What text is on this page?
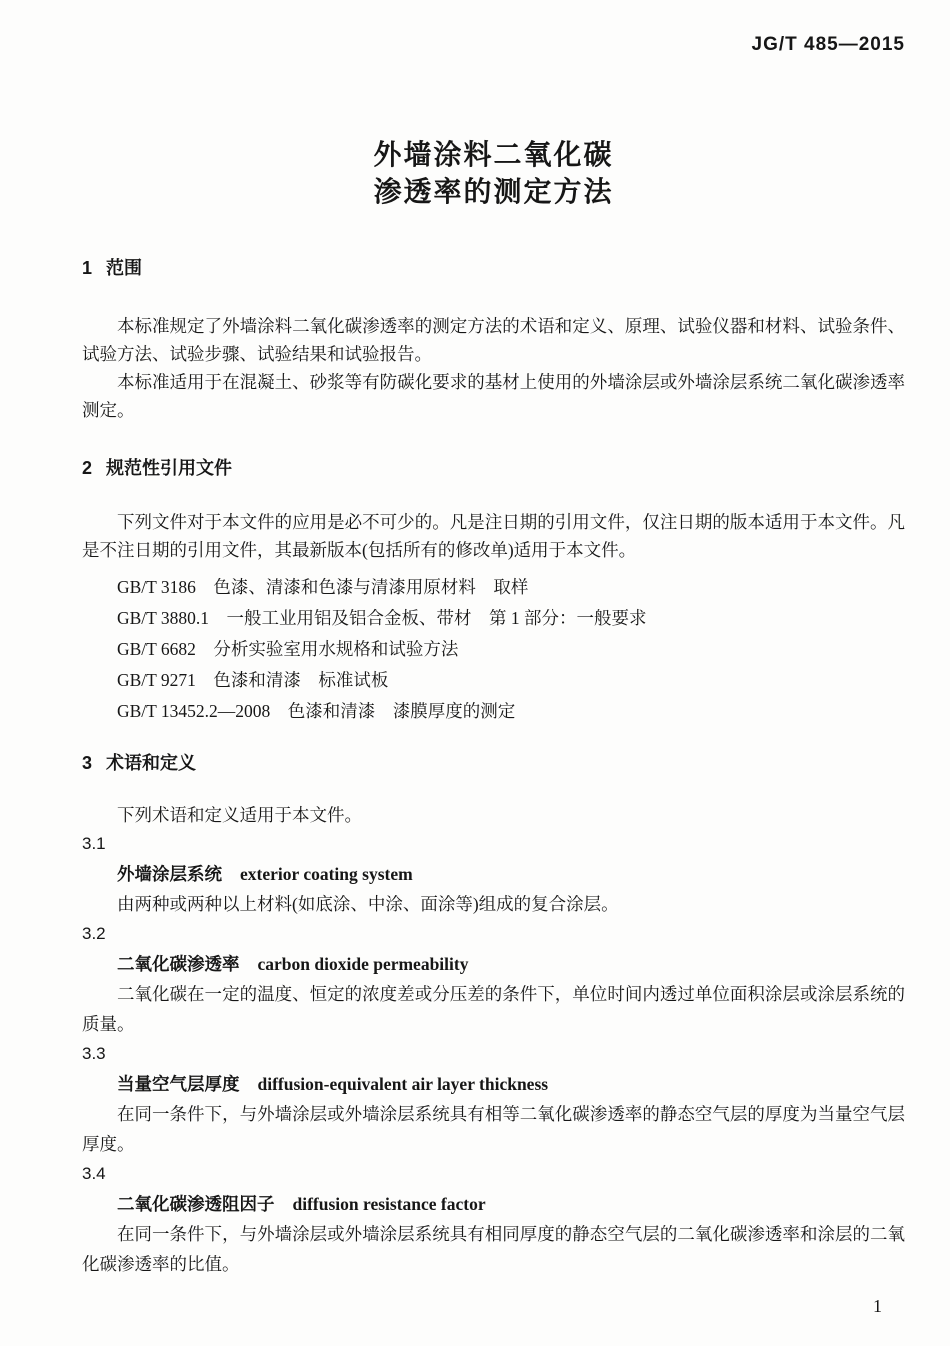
JG/T 485—2015
外墙涂料二氧化碳
渗透率的测定方法
1 范围

本标准规定了外墙涂料二氧化碳渗透率的测定方法的术语和定义、原理、试验仪器和材料、试验条件、试验方法、试验步骤、试验结果和试验报告。

本标准适用于在混凝土、砂浆等有防碳化要求的基材上使用的外墙涂层或外墙涂层系统二氧化碳渗透率测定。

2 规范性引用文件

下列文件对于本文件的应用是必不可少的。凡是注日期的引用文件，仅注日期的版本适用于本文件。凡是不注日期的引用文件，其最新版本(包括所有的修改单)适用于本文件。

GB/T 3186　色漆、清漆和色漆与清漆用原材料　取样

GB/T 3880.1　一般工业用铝及铝合金板、带材　第 1 部分：一般要求

GB/T 6682　分析实验室用水规格和试验方法

GB/T 9271　色漆和清漆　标准试板

GB/T 13452.2—2008　色漆和清漆　漆膜厚度的测定

3 术语和定义

下列术语和定义适用于本文件。

3.1
外墙涂层系统 exterior coating system

由两种或两种以上材料(如底涂、中涂、面涂等)组成的复合涂层。

3.2
二氧化碳渗透率 carbon dioxide permeability

二氧化碳在一定的温度、恒定的浓度差或分压差的条件下，单位时间内透过单位面积涂层或涂层系统的质量。

3.3
当量空气层厚度 diffusion-equivalent air layer thickness

在同一条件下，与外墙涂层或外墙涂层系统具有相等二氧化碳渗透率的静态空气层的厚度为当量空气层厚度。

3.4
二氧化碳渗透阻因子 diffusion resistance factor

在同一条件下，与外墙涂层或外墙涂层系统具有相同厚度的静态空气层的二氧化碳渗透率和涂层的二氧化碳渗透率的比值。

1
